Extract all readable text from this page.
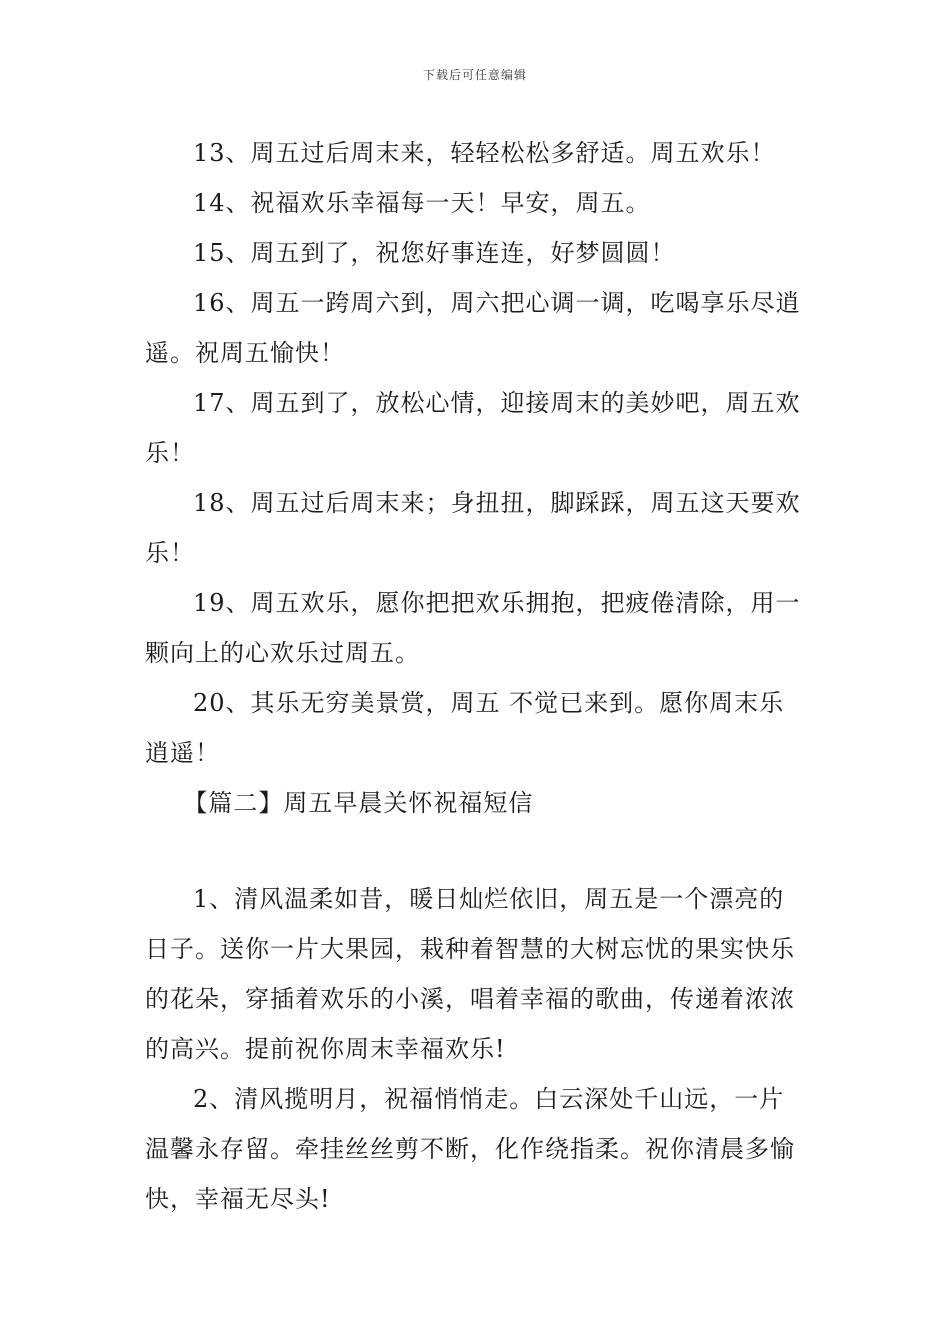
下载后可任意编辑

13、周五过后周末来，轻轻松松多舒适。周五欢乐！

14、祝福欢乐幸福每一天！早安，周五。

15、周五到了，祝您好事连连，好梦圆圆！

16、周五一跨周六到，周六把心调一调，吃喝享乐尽逍遥。祝周五愉快！

17、周五到了，放松心情，迎接周末的美妙吧，周五欢乐！

18、周五过后周末来；身扭扭，脚踩踩，周五这天要欢乐！

19、周五欢乐，愿你把把欢乐拥抱，把疲倦清除，用一颗向上的心欢乐过周五。

20、其乐无穷美景赏，周五 不觉已来到。愿你周末乐逍遥！

【篇二】周五早晨关怀祝福短信

1、清风温柔如昔，暖日灿烂依旧，周五是一个漂亮的日子。送你一片大果园，栽种着智慧的大树忘忧的果实快乐的花朵，穿插着欢乐的小溪，唱着幸福的歌曲，传递着浓浓的高兴。提前祝你周末幸福欢乐!

2、清风揽明月，祝福悄悄走。白云深处千山远，一片温馨永存留。牵挂丝丝剪不断，化作绕指柔。祝你清晨多愉快，幸福无尽头!
